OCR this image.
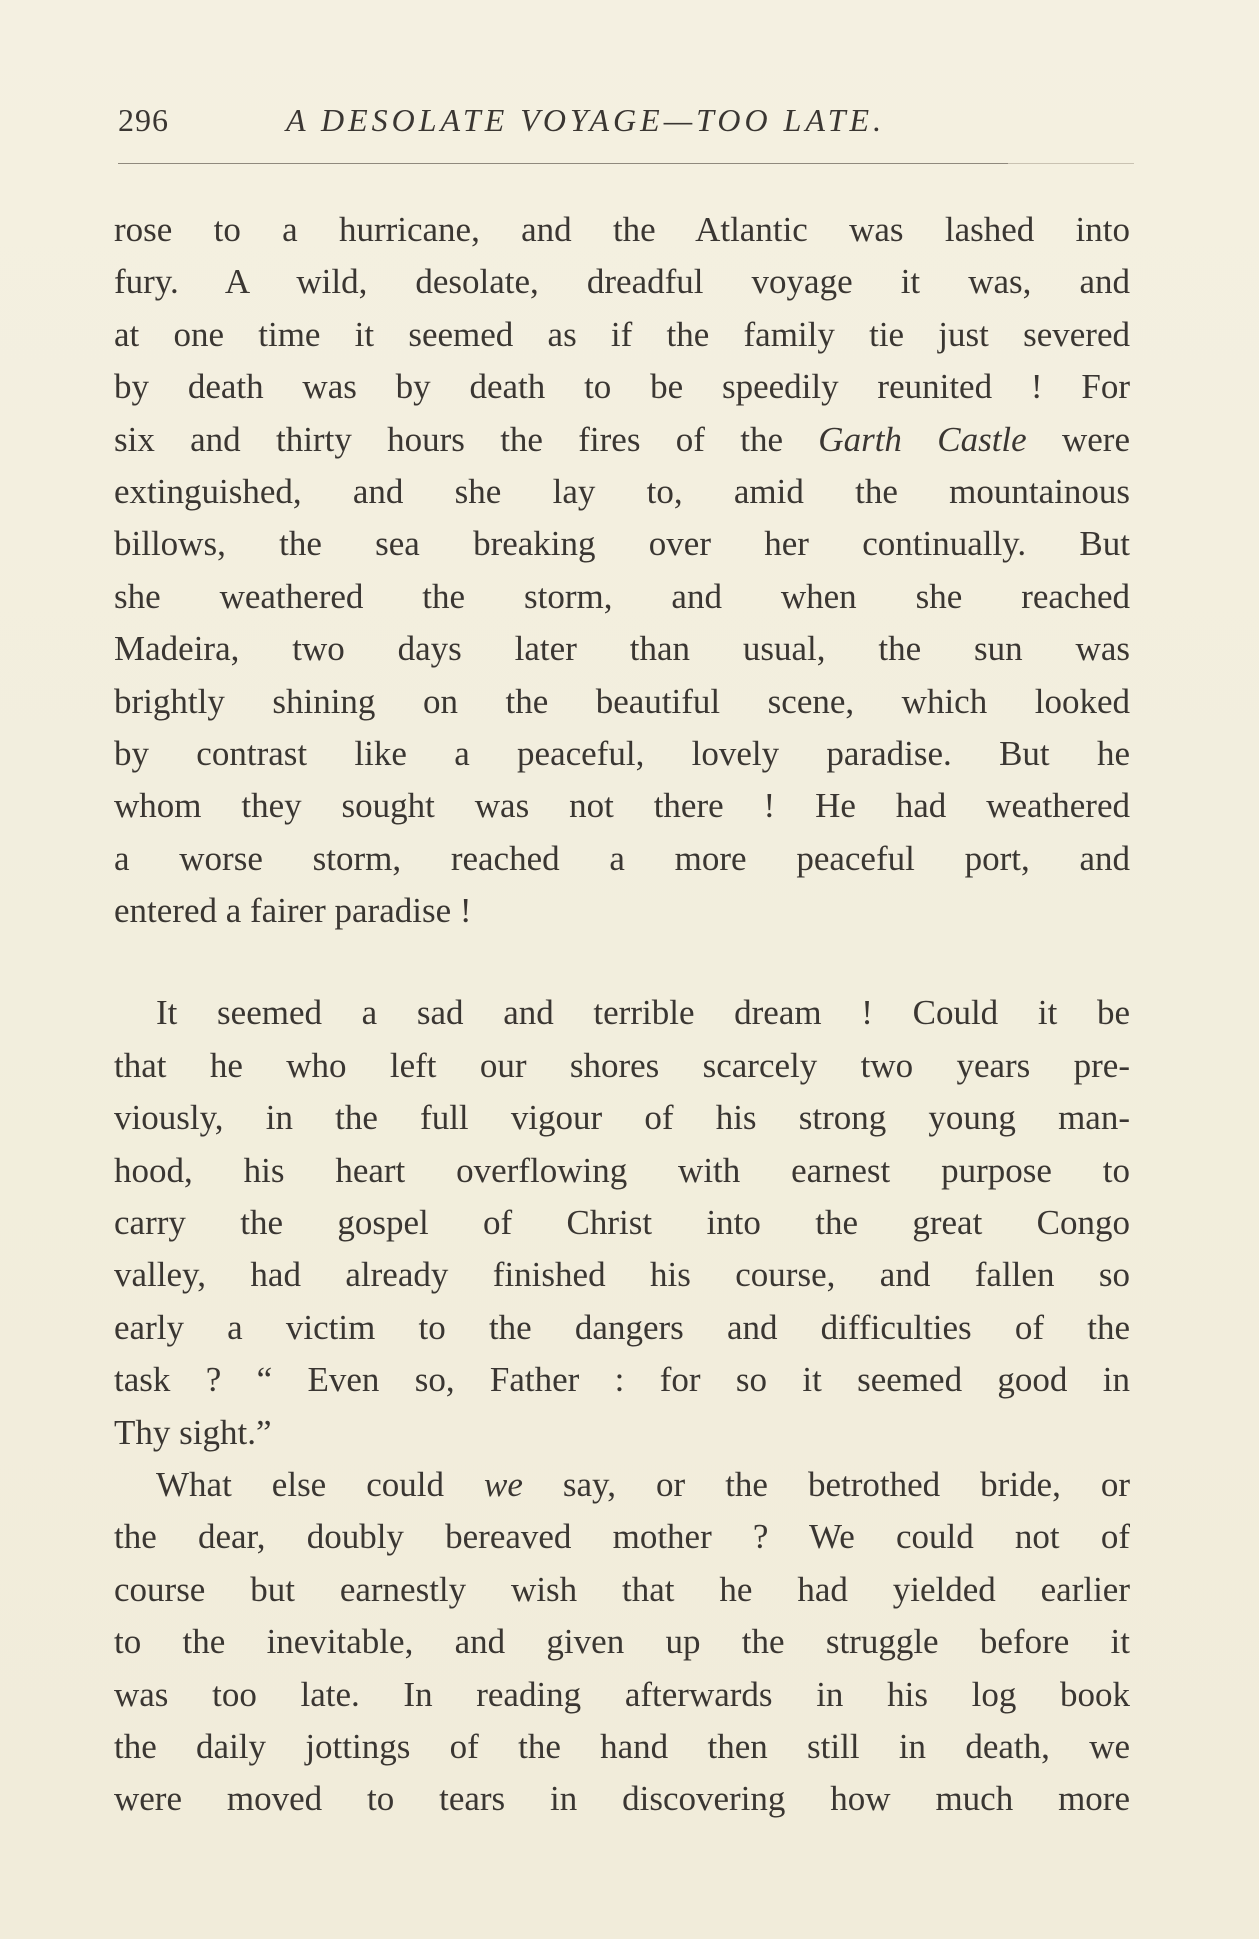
296	A DESOLATE VOYAGE—TOO LATE.
rose to a hurricane, and the Atlantic was lashed into
fury. A wild, desolate, dreadful voyage it was, and
at one time it seemed as if the family tie just severed
by death was by death to be speedily reunited ! For
six and thirty hours the fires of the Garth Castle were
extinguished, and she lay to, amid the mountainous
billows, the sea breaking over her continually. But
she weathered the storm, and when she reached
Madeira, two days later than usual, the sun was
brightly shining on the beautiful scene, which looked
by contrast like a peaceful, lovely paradise. But he
whom they sought was not there ! He had weathered
a worse storm, reached a more peaceful port, and
entered a fairer paradise !
It seemed a sad and terrible dream ! Could it be
that he who left our shores scarcely two years pre-
viously, in the full vigour of his strong young man-
hood, his heart overflowing with earnest purpose to
carry the gospel of Christ into the great Congo
valley, had already finished his course, and fallen so
early a victim to the dangers and difficulties of the
task ? “ Even so, Father : for so it seemed good in
Thy sight.”
What else could we say, or the betrothed bride, or
the dear, doubly bereaved mother ? We could not of
course but earnestly wish that he had yielded earlier
to the inevitable, and given up the struggle before it
was too late. In reading afterwards in his log book
the daily jottings of the hand then still in death, we
were moved to tears in discovering how much more
